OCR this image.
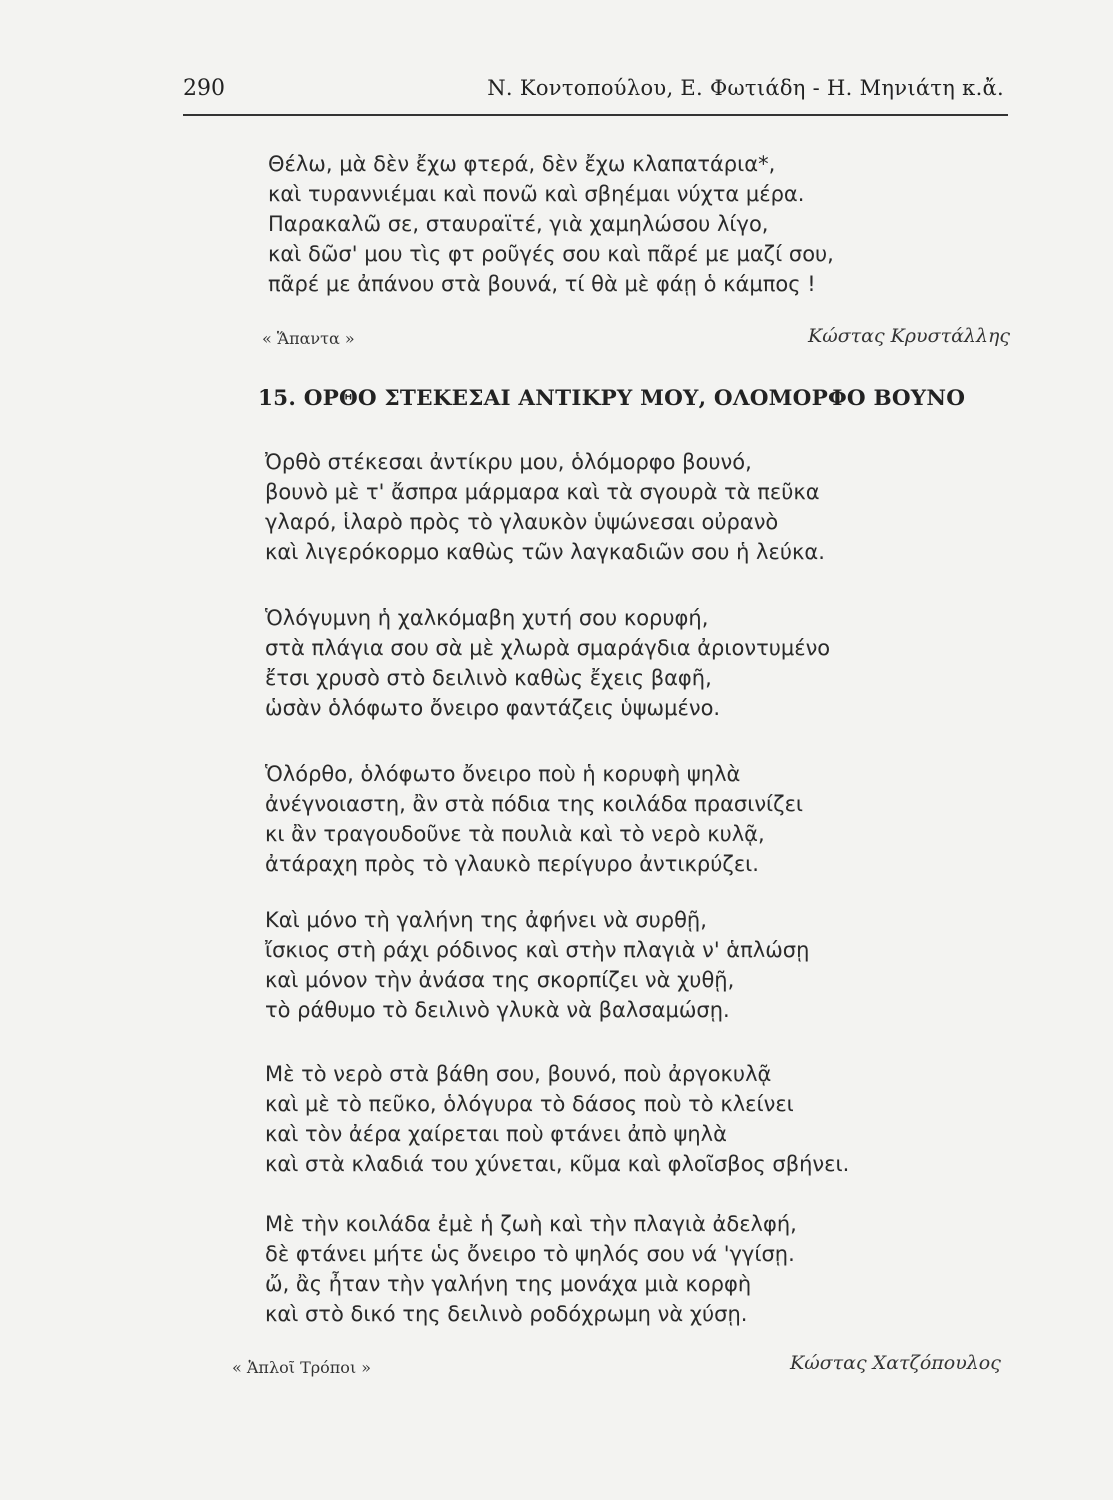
290	Ν. Κοντοπούλου, Ε. Φωτιάδη - Η. Μηνιάτη κ.ἄ.
Θέλω, μὰ δὲν ἔχω φτερά, δὲν ἔχω κλαπατάρια*,
καὶ τυραννιέμαι καὶ πονῶ καὶ σβηέμαι νύχτα μέρα.
Παρακαλῶ σε, σταυραϊτέ, γιὰ χαμηλώσου λίγο,
καὶ δῶσ' μου τὶς φτ ροῦγές σου καὶ πᾶρέ με μαζί σου,
πᾶρέ με ἀπάνου στὰ βουνά, τί θὰ μὲ φάῃ ὁ κάμπος !
« Ἅπαντα »	Κώστας Κρυστάλλης
15. ΟΡΘΟ ΣΤΕΚΕΣΑΙ ΑΝΤΙΚΡΥ ΜΟΥ, ΟΛΟΜΟΡΦΟ ΒΟΥΝΟ
Ὀρθὸ στέκεσαι ἀντίκρυ μου, ὁλόμορφο βουνό,
βουνὸ μὲ τ' ἄσπρα μάρμαρα καὶ τὰ σγουρὰ τὰ πεῦκα
γλαρό, ἱλαρὸ πρὸς τὸ γλαυκὸν ὑψώνεσαι οὐρανὸ
καὶ λιγερόκορμο καθὼς τῶν λαγκαδιῶν σου ἡ λεύκα.
Ὁλόγυμνη ἡ χαλκόμαβη χυτή σου κορυφή,
στὰ πλάγια σου σὰ μὲ χλωρὰ σμαράγδια ἀριοντυμένο
ἔτσι χρυσὸ στὸ δειλινὸ καθὼς ἔχεις βαφῆ,
ὡσὰν ὁλόφωτο ὄνειρο φαντάζεις ὑψωμένο.
Ὁλόρθο, ὁλόφωτο ὄνειρο ποὺ ἡ κορυφὴ ψηλὰ
ἀνέγνοιαστη, ἂν στὰ πόδια της κοιλάδα πρασινίζει
κι ἂν τραγουδοῦνε τὰ πουλιὰ καὶ τὸ νερὸ κυλᾷ,
ἀτάραχη πρὸς τὸ γλαυκὸ περίγυρο ἀντικρύζει.
Καὶ μόνο τὴ γαλήνη της ἀφήνει νὰ συρθῇ,
ἴσκιος στὴ ράχι ρόδινος καὶ στὴν πλαγιὰ ν' ἁπλώσῃ
καὶ μόνον τὴν ἀνάσα της σκορπίζει νὰ χυθῇ,
τὸ ράθυμο τὸ δειλινὸ γλυκὰ νὰ βαλσαμώσῃ.
Μὲ τὸ νερὸ στὰ βάθη σου, βουνό, ποὺ ἀργοκυλᾷ
καὶ μὲ τὸ πεῦκο, ὁλόγυρα τὸ δάσος ποὺ τὸ κλείνει
καὶ τὸν ἀέρα χαίρεται ποὺ φτάνει ἀπὸ ψηλὰ
καὶ στὰ κλαδιά του χύνεται, κῦμα καὶ φλοῖσβος σβήνει.
Μὲ τὴν κοιλάδα ἐμὲ ἡ ζωὴ καὶ τὴν πλαγιὰ ἀδελφή,
δὲ φτάνει μήτε ὡς ὄνειρο τὸ ψηλός σου νά 'γγίσῃ.
ὤ, ἂς ἦταν τὴν γαλήνη της μονάχα μιὰ κορφὴ
καὶ στὸ δικό της δειλινὸ ροδόχρωμη νὰ χύσῃ.
« Ἁπλοῖ Τρόποι »	Κώστας Χατζόπουλος
